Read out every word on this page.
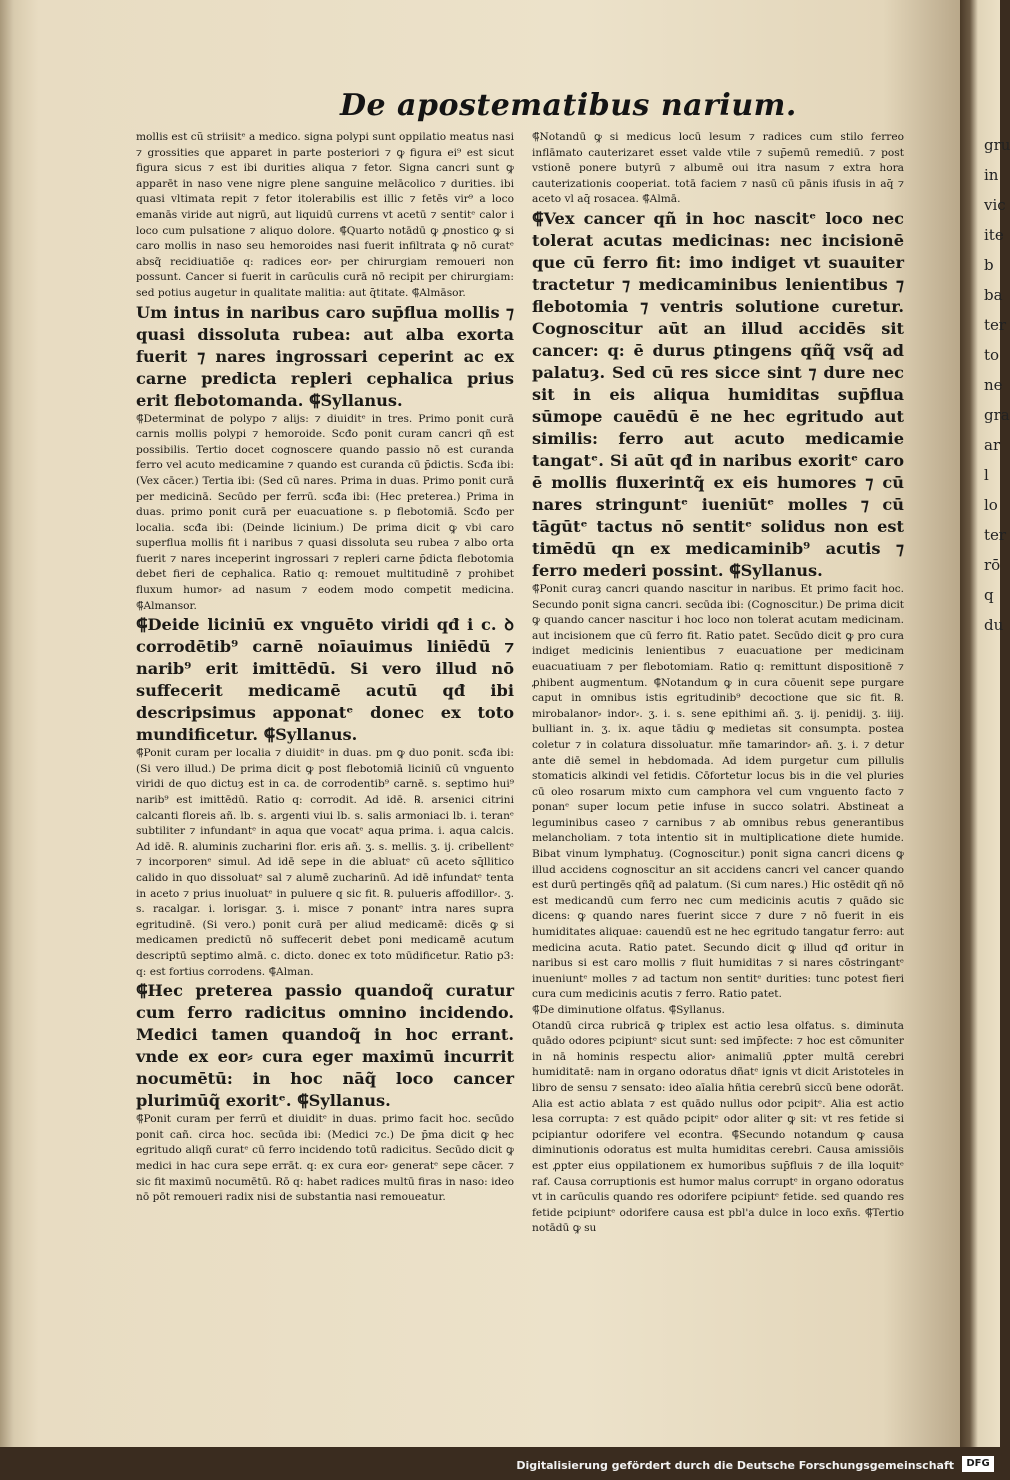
De apostematibus narium.

mollis est cũ striisitᵉ a medico. signa polypi sunt oppilatio meatus nasi ⁊ grossities que apparet in parte posteriori ⁊ ꝙ figura ei⁹ est sicut figura sicus ⁊ est ibi durities aliqua ⁊ fetor. Signa cancri sunt ꝙ apparēt in naso vene nigre plene sanguine melācolico ⁊ durities. ibi quasi vltimata repit ⁊ fetor itolerabilis est illic ⁊ fetēs vir⁹ a loco emanās viride aut nigrū, aut liquidū currens vt acetū ⁊ sentitᵉ calor i loco cum pulsatione ⁊ aliquo dolore. ⸿Quarto notādū ꝙ ꝓnostico ꝙ si caro mollis in naso seu hemoroides nasi fuerit infiltrata ꝙ nō curatᵉ absq̃ recidiuatiōe q: radices eor⸗ per chirurgiam remoueri non possunt. Cancer si fuerit in carūculis curā nō recipit per chirurgiam: sed potius augetur in qualitate malitia: aut q̄titate. ⸿Almāsor.

Um intus in naribus caro sup̄flua mollis ⁊ quasi dissoluta rubea: aut alba exorta fuerit ⁊ nares ingrossari ceperint ac ex carne predicta repleri cephalica prius erit flebotomanda. ⸿Syllanus.

⸿Determinat de polypo ⁊ alijs: ⁊ diuiditᵉ in tres. Primo ponit curā carnis mollis polypi ⁊ hemoroide. Scđo ponit curam cancri qñ est possibilis. Tertio docet cognoscere quando passio nō est curanda ferro vel acuto medicamine ⁊ quando est curanda cū p̄dictis. Scđa ibi: (Vex cācer.) Tertia ibi: (Sed cū nares. Prima in duas. Primo ponit curā per medicinā. Secūdo per ferrū. scđa ibi: (Hec preterea.) Prima in duas. primo ponit curā per euacuatione s. p flebotomiā. Scđo per localia. scđa ibi: (Deinde licinium.) De prima dicit ꝙ vbi caro superflua mollis fit i naribus ⁊ quasi dissoluta seu rubea ⁊ albo orta fuerit ⁊ nares inceperint ingrossari ⁊ repleri carne p̄dicta flebotomia debet fieri de cephalica. Ratio q: remouet multitudinē ⁊ prohibet fluxum humor⸗ ad nasum ⁊ eodem modo competit medicina. ⸿Almansor.

⸿Deide liciniū ex vnguēto viridi qđ i c. ꝺ corrodētib⁹ carnē noīauimus liniēdū ⁊ narib⁹ erit imittēdū. Si vero illud nō suffecerit medicamē acutū qđ ibi descripsimus apponatᵉ donec ex toto mundificetur. ⸿Syllanus.

⸿Ponit curam per localia ⁊ diuiditᵉ in duas. pm ꝙ duo ponit. scđa ibi: (Si vero illud.) De prima dicit ꝙ post flebotomiā liciniū cū vnguento viridi de quo dictuȝ est in ca. de corrodentib⁹ carnē. s. septimo hui⁹ narib⁹ est imittēdū. Ratio q: corrodit. Ad idē. ℞. arsenici citrini calcanti floreis añ. lb. s. argenti viui lb. s. salis armoniaci lb. i. teranᵉ subtiliter ⁊ infundantᵉ in aqua que vocatᵉ aqua prima. i. aqua calcis. Ad idē. ℞. aluminis zucharini flor. eris añ. ʒ. s. mellis. ʒ. ij. cribellentᵉ ⁊ incorporenᵉ simul. Ad idē sepe in die abluatᵉ cū aceto sq̄llitico calido in quo dissoluatᵉ sal ⁊ alumē zucharinū. Ad idē infundatᵉ tenta in aceto ⁊ prius inuoluatᵉ in puluere q sic fit. ℞. pulueris affodillor⸗. ʒ. s. racalgar. i. lorisgar. ʒ. i. misce ⁊ ponantᵉ intra nares supra egritudinē. (Si vero.) ponit curā per aliud medicamē: dicēs ꝙ si medicamen predictū nō suffecerit debet poni medicamē acutum descriptū septimo almā. c. dicto. donec ex toto mūdificetur. Ratio p3: q: est fortius corrodens. ⸿Alman.

⸿Hec preterea passio quandoq̃ curatur cum ferro radicitus omnino incidendo. Medici tamen quandoq̃ in hoc errant. vnde ex eor⸗ cura eger maximū incurrit nocumētū: in hoc nāq̃ loco cancer plurimūq̃ exoritᵉ. ⸿Syllanus.

⸿Ponit curam per ferrū et diuiditᵉ in duas. primo facit hoc. secūdo ponit cañ. circa hoc. secūda ibi: (Medici ⁊c.) De p̄ma dicit ꝙ hec egritudo aliqñ curatᵉ cū ferro incidendo totū radicitus. Secūdo dicit ꝙ medici in hac cura sepe errāt. q: ex cura eor⸗ generatᵉ sepe cācer. ⁊ sic fit maximū nocumētū. Rō q: habet radices multū firas in naso: ideo nō pōt remoueri radix nisi de substantia nasi remoueatur.

⸿Notandū ꝙ si medicus locū lesum ⁊ radices cum stilo ferreo inflāmato cauterizaret esset valde vtile ⁊ sup̄emū remediū. ⁊ post vstionē ponere butyrū ⁊ albumē oui itra nasum ⁊ extra hora cauterizationis cooperiat. totā faciem ⁊ nasū cū pānis ifusis in aq̄ ⁊ aceto vl aq̄ rosacea. ⸿Almā.

⸿Vex cancer qñ in hoc nascitᵉ loco nec tolerat acutas medicinas: nec incisionē que cū ferro fit: imo indiget vt suauiter tractetur ⁊ medicaminibus lenientibus ⁊ flebotomia ⁊ ventris solutione curetur. Cognoscitur aūt an illud accidēs sit cancer: q: ē durus ꝑtingens qñq̃ vsq̃ ad palatuȝ. Sed cū res sicce sint ⁊ dure nec sit in eis aliqua humiditas sup̄flua sūmope cauēdū ē ne hec egritudo aut similis: ferro aut acuto medicamie tangatᵉ. Si aūt qđ in naribus exoritᵉ caro ē mollis fluxerintq̃ ex eis humores ⁊ cū nares stringuntᵉ iueniūtᵉ molles ⁊ cū tāgūtᵉ tactus nō sentitᵉ solidus non est timēdū qn ex medicaminib⁹ acutis ⁊ ferro mederi possint. ⸿Syllanus.

⸿Ponit curaȝ cancri quando nascitur in naribus. Et primo facit hoc. Secundo ponit signa cancri. secūda ibi: (Cognoscitur.) De prima dicit ꝙ quando cancer nascitur i hoc loco non tolerat acutam medicinam. aut incisionem que cū ferro fit. Ratio patet. Secūdo dicit ꝙ pro cura indiget medicinis lenientibus ⁊ euacuatione per medicinam euacuatiuam ⁊ per flebotomiam. Ratio q: remittunt dispositionē ⁊ ꝓhibent augmentum. ⸿Notandum ꝙ in cura cōuenit sepe purgare caput in omnibus istis egritudinib⁹ decoctione que sic fit. ℞. mirobalanor⸗ indor⸗. ʒ. i. s. sene epithimi añ. ʒ. ij. penidij. ʒ. iiij. bulliant in. ʒ. ix. aque tādiu ꝙ medietas sit consumpta. postea coletur ⁊ in colatura dissoluatur. mñe tamarindor⸗ añ. ʒ. i. ⁊ detur ante diē semel in hebdomada. Ad idem purgetur cum pillulis stomaticis alkindi vel fetidis. Cōfortetur locus bis in die vel pluries cū oleo rosarum mixto cum camphora vel cum vnguento facto ⁊ ponanᵉ super locum petie infuse in succo solatri. Abstineat a leguminibus caseo ⁊ carnibus ⁊ ab omnibus rebus generantibus melancholiam. ⁊ tota intentio sit in multiplicatione diete humide. Bibat vinum lymphatuȝ. (Cognoscitur.) ponit signa cancri dicens ꝙ illud accidens cognoscitur an sit accidens cancri vel cancer quando est durū pertingēs qñq̃ ad palatum. (Si cum nares.) Hic ostēdit qñ nō est medicandū cum ferro nec cum medicinis acutis ⁊ quādo sic dicens: ꝙ quando nares fuerint sicce ⁊ dure ⁊ nō fuerit in eis humiditates aliquae: cauendū est ne hec egritudo tangatur ferro: aut medicina acuta. Ratio patet. Secundo dicit ꝙ illud qđ oritur in naribus si est caro mollis ⁊ fluit humiditas ⁊ si nares cōstringantᵉ inueniuntᵉ molles ⁊ ad tactum non sentitᵉ durities: tunc potest fieri cura cum medicinis acutis ⁊ ferro. Ratio patet.

⸿De diminutione olfatus. ⸿Syllanus.

Otandū circa rubricā ꝙ triplex est actio lesa olfatus. s. diminuta quādo odores pcipiuntᵉ sicut sunt: sed imp̄fecte: ⁊ hoc est cōmuniter in nā hominis respectu alior⸗ animaliū ꝓpter multā cerebri humiditatē: nam in organo odoratus dñatᵉ ignis vt dicit Aristoteles in libro de sensu ⁊ sensato: ideo aīalia hñtia cerebrū siccū bene odorāt. Alia est actio ablata ⁊ est quādo nullus odor pcipitᵉ. Alia est actio lesa corrupta: ⁊ est quādo pcipitᵉ odor aliter ꝙ sit: vt res fetide si pcipiantur odorifere vel econtra. ⸿Secundo notandum ꝙ causa diminutionis odoratus est multa humiditas cerebri. Causa amissiōis est ꝓpter eius oppilationem ex humoribus sup̄fluis ⁊ de illa loquitᵉ raf. Causa corruptionis est humor malus corruptᵉ in organo odoratus vt in carūculis quando res odorifere pcipiuntᵉ fetide. sed quando res fetide pcipiuntᵉ odorifere causa est pbl'a dulce in loco exñs. ⸿Tertio notādū ꝙ su

gru
in
vic
ite
b
ba
ter
to
ne
gra
ar
l
lo
ter
rō
q
du
Digitalisierung gefördert durch die Deutsche Forschungsgemeinschaft	DFG
